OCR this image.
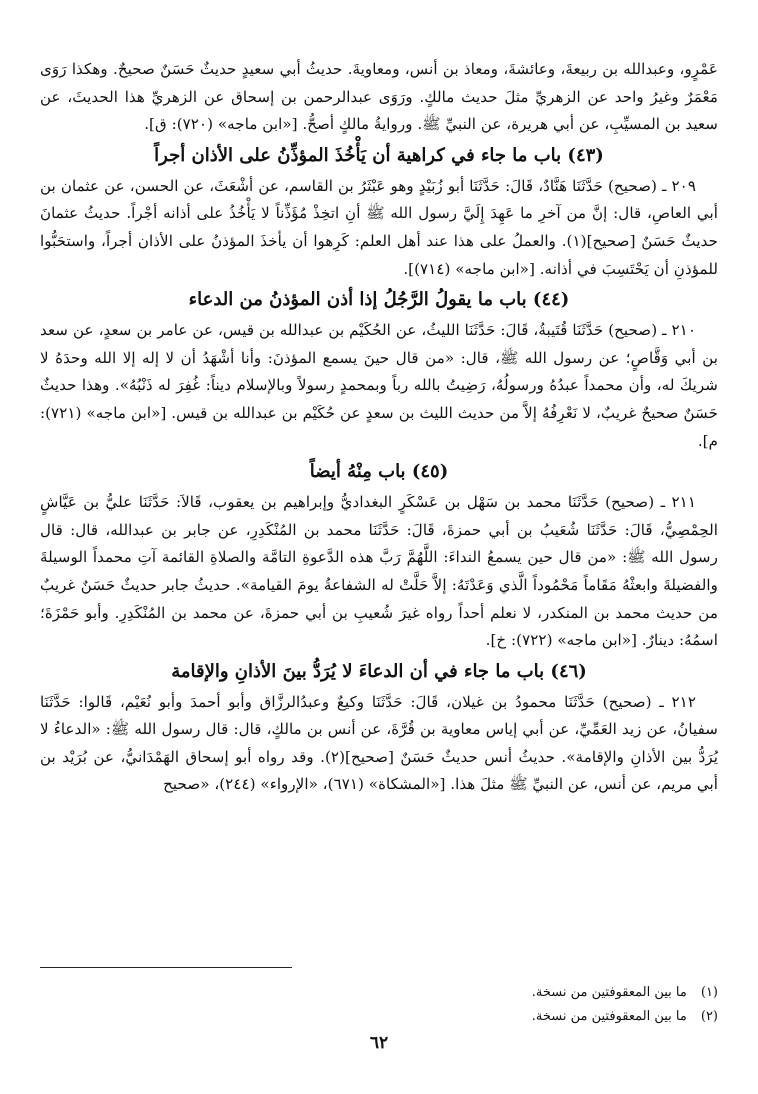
عَمْرٍو، وعبدالله بن ربيعةَ، وعائشةَ، ومعاذ بن أنس، ومعاويةَ. حديثُ أبي سعيدٍ حديثٌ حَسَنٌ صحيحٌ. وهكذا رَوَى مَعْمَرٌ وغيرُ واحد عن الزهريِّ مثلَ حديث مالكٍ. ورَوَى عبدالرحمن بن إسحاق عن الزهريِّ هذا الحديثَ، عن سعيد بن المسيِّبِ، عن أبي هريرة، عن النبيِّ ﷺ. وروايةُ مالكٍ أصحُّ. [«ابن ماجه» (٧٢٠): ق].

(٤٣) باب ما جاء في كراهية أن يَأْخُذَ المؤذِّنُ على الأذان أجراً

٢٠٩ ـ (صحيح) حَدَّثَنَا هَنَّادٌ، قَالَ: حَدَّثَنَا أبو زُبَيْدٍ وهو عَبْثَرُ بن القاسم، عن أشْعَثَ، عن الحسن، عن عثمان بن أبي العاصِ، قال: إنَّ من آخرِ ما عَهِدَ إِلَيَّ رسول الله ﷺ أنِ اتخِذْ مُؤَذِّناً لا يَأْخُذُ على أذانه أجْراً. حديثُ عثمانَ حديثٌ حَسَنٌ [صحيح](١). والعملُ على هذا عند أهل العلم: كَرِهوا أن يأخذَ المؤذنُ على الأذان أجراً، واستحَبُّوا للمؤذنِ أن يَحْتَسِبَ في أذانه. [«ابن ماجه» (٧١٤)].

(٤٤) باب ما يقولُ الرَّجُلُ إذا أذن المؤذنُ من الدعاء

٢١٠ ـ (صحيح) حَدَّثَنَا قُتَيبةُ، قَالَ: حَدَّثَنَا الليثُ، عن الحُكَيْم بن عبدالله بن قيس، عن عامر بن سعدٍ، عن سعد بن أبي وَقَّاصٍ؛ عن رسول الله ﷺ، قال: «من قال حينَ يسمع المؤذنَ: وأنا أشْهَدُ أن لا إله إلا الله وحدَهُ لا شريكَ له، وأن محمداً عبدُهُ ورسولُهُ، رَضِيتُ بالله رباً وبمحمدٍ رسولاً وبالإسلام ديناً: غُفِرَ له ذَنْبُهُ». وهذا حديثٌ حَسَنٌ صحيحٌ غريبٌ، لا نَعْرِفُهُ إلاَّ من حديث الليث بن سعدٍ عن حُكَيْم بن عبدالله بن قيس. [«ابن ماجه» (٧٢١): م].

(٤٥) باب مِنْهُ أيضاً

٢١١ ـ (صحيح) حَدَّثَنَا محمد بن سَهْل بن عَسْكَرٍ البغداديُّ وإبراهيم بن يعقوب، قَالاَ: حَدَّثَنَا عليُّ بن عَيَّاشٍ الحِمْصِيُّ، قَالَ: حَدَّثَنَا شُعَيبُ بن أبي حمزةَ، قَالَ: حَدَّثَنَا محمد بن المُنْكَدِرِ، عن جابر بن عبدالله، قال: قال رسول الله ﷺ: «من قال حين يسمعُ النداءَ: اللَّهُمَّ رَبَّ هذه الدَّعوةِ التامَّة والصلاةِ القائمة آتِ محمداً الوسيلةَ والفضيلةَ وابعثْهُ مَقَاماً مَحْمُوداً الَّذي وَعَدْتَهُ: إلاَّ حَلَّتْ له الشفاعةُ يومَ القيامة». حديثُ جابر حديثٌ حَسَنٌ غريبٌ من حديث محمد بن المنكدر، لا نعلم أحداً رواه غيرَ شُعيبِ بن أبي حمزةَ، عن محمد بن المُنْكَدِرِ. وأبو حَمْزَةَ؛ اسمُهُ: دينارٌ. [«ابن ماجه» (٧٢٢): خ].

(٤٦) باب ما جاء في أن الدعاءَ لا يُرَدُّ بينَ الأذانِ والإقامة

٢١٢ ـ (صحيح) حَدَّثَنَا محمودُ بن غيلان، قَالَ: حَدَّثَنَا وكيعٌ وعبدُالرزَّاق وأبو أحمدَ وأبو نُعَيْم، قَالوا: حَدَّثَنَا سفيانُ، عن زيد العَمِّيِّ، عن أبي إياس معاوية بن قُرَّةَ، عن أنس بن مالكٍ، قال: قال رسول الله ﷺ: «الدعاءُ لا يُرَدُّ بين الأذانِ والإقامة». حديثُ أنس حديثٌ حَسَنٌ [صحيح](٢). وقد رواه أبو إسحاق الهَمْدَانيُّ، عن بُرَيْد بن أبي مريم، عن أنس، عن النبيِّ ﷺ مثلَ هذا. [«المشكاة» (٦٧١)، «الإرواء» (٢٤٤)، «صحيح

(١)
ما بين المعقوفتين من نسخة.
(٢)
ما بين المعقوفتين من نسخة.
٦٢
